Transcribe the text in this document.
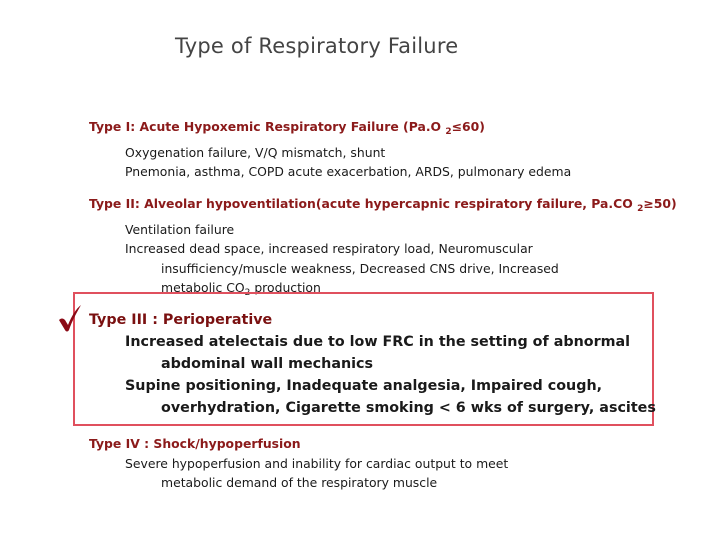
Type of Respiratory Failure
Type I: Acute Hypoxemic Respiratory Failure (Pa.O $_2$≤60)
Oxygenation failure, V/Q mismatch, shunt
Pnemonia, asthma, COPD acute exacerbation, ARDS, pulmonary edema
Type II: Alveolar hypoventilation(acute hypercapnic respiratory failure, Pa.CO $_2$≥50)
Ventilation failure
Increased dead space, increased respiratory load, Neuromuscular
insufficiency/muscle weakness, Decreased CNS drive, Increased
metabolic $CO_2$ production
Type III : Perioperative
Increased atelectais due to low FRC in the setting of abnormal
abdominal wall mechanics
Supine positioning, Inadequate analgesia, Impaired cough,
overhydration, Cigarette smoking < 6 wks of surgery, ascites
Type IV : Shock/hypoperfusion
Severe hypoperfusion and inability for cardiac output to meet
metabolic demand of the respiratory muscle
